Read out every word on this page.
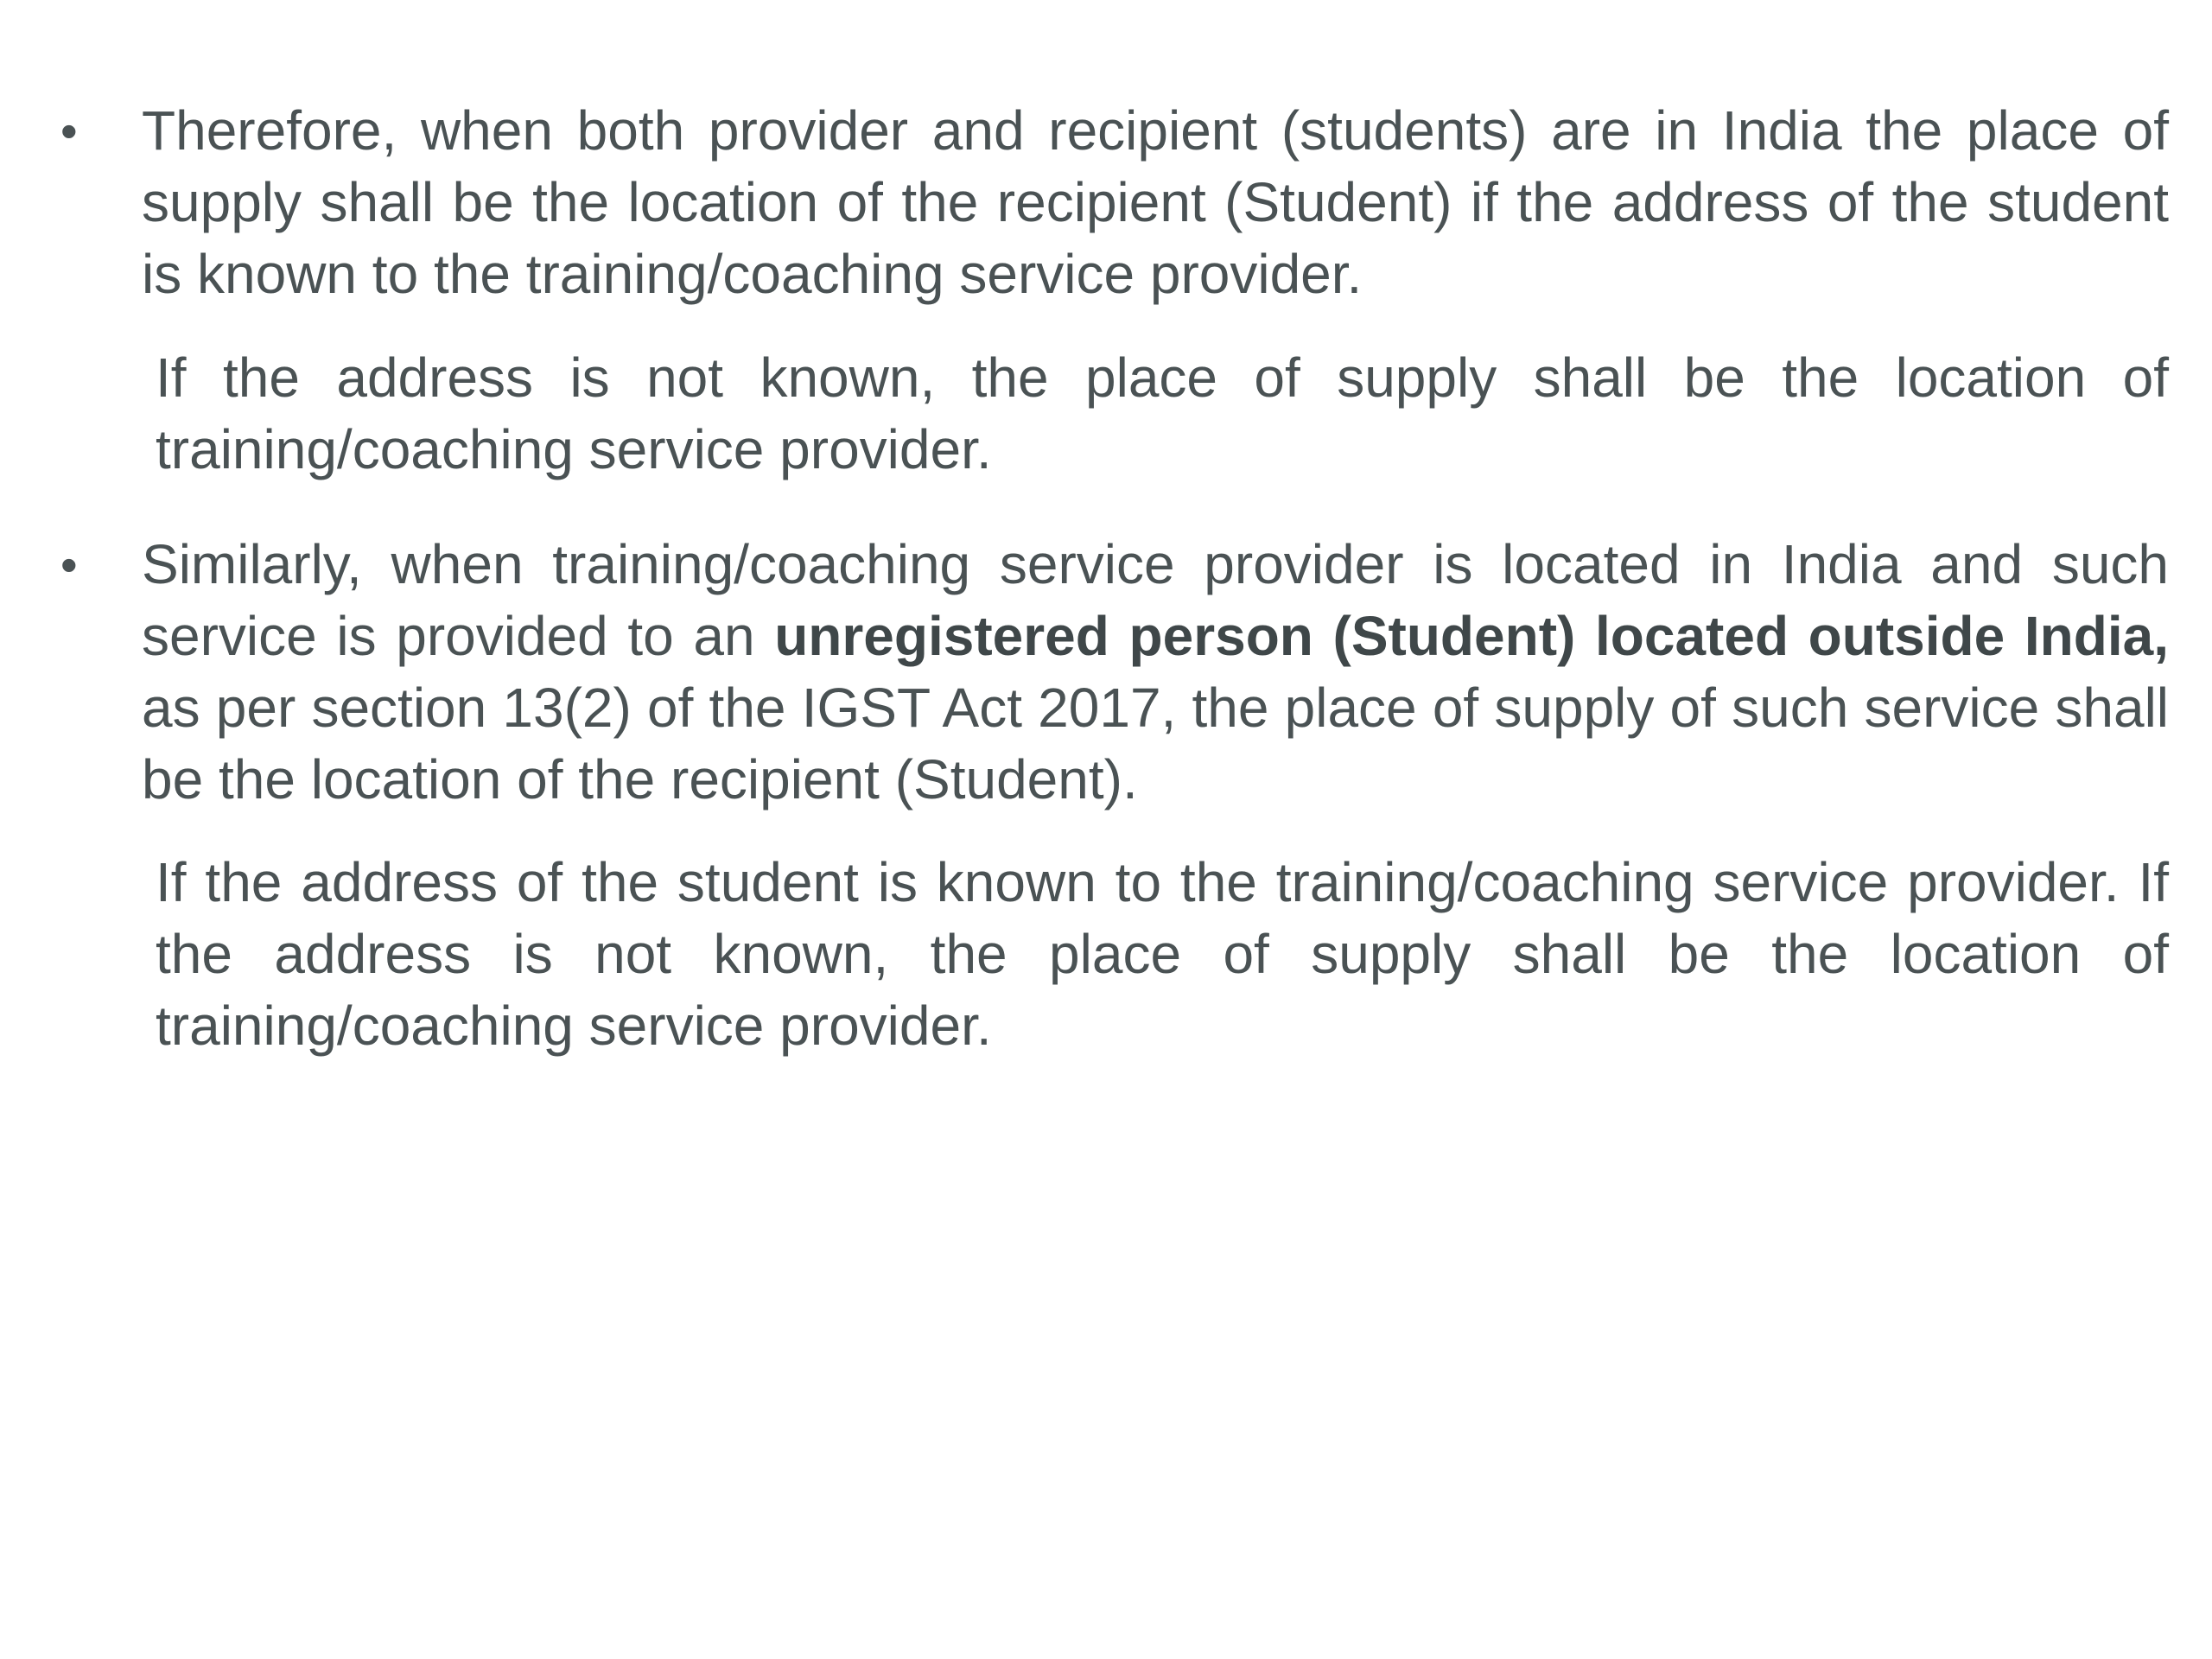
•	Therefore, when both provider and recipient (students) are in India the place of supply shall be the location of the recipient (Student) if the address of the student is known to the training/coaching service provider.

If the address is not known, the place of supply shall be the location of training/coaching service provider.

•	Similarly, when training/coaching service provider is located in India and such service is provided to an unregistered person (Student) located outside India, as per section 13(2) of the IGST Act 2017, the place of supply of such service shall be the location of the recipient (Student).

If the address of the student is known to the training/coaching service provider. If the address is not known, the place of supply shall be the location of training/coaching service provider.
